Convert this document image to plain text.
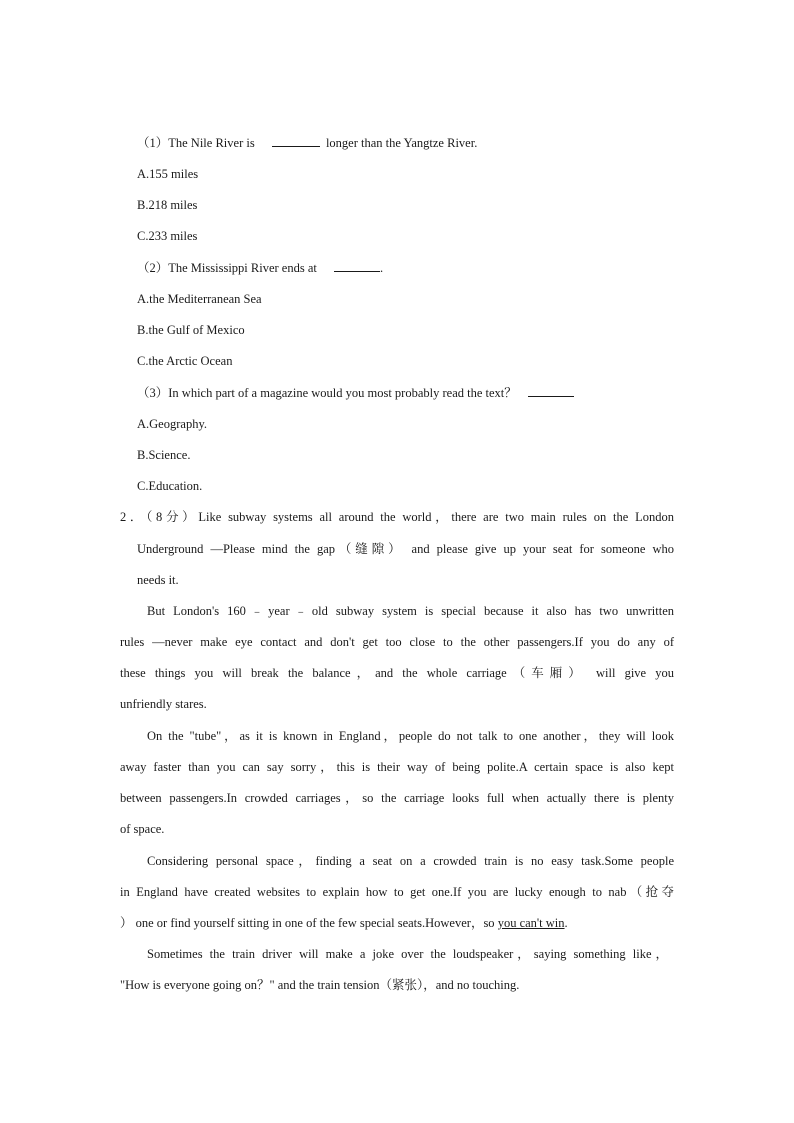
（1）The Nile River is	longer than the Yangtze River.
A.155 miles
B.218 miles
C.233 miles
（2）The Mississippi River ends at	.
A.the Mediterranean Sea
B.the Gulf of Mexico
C.the Arctic Ocean
（3）In which part of a magazine would you most probably read the text？
A.Geography.
B.Science.
C.Education.
2．（8分）Like subway systems all around the world，there are two main rules on the London
Underground —Please mind the gap（缝隙） and please give up your seat for someone who
needs it.
But London's 160﹣year﹣old subway system is special because it also has two unwritten
rules —never make eye contact and don't get too close to the other passengers.If you do any of
these things you will break the balance，and the whole carriage（车厢） will give you
unfriendly stares.
On the "tube"，as it is known in England，people do not talk to one another，they will look
away faster than you can say sorry，this is their way of being polite.A certain space is also kept
between passengers.In crowded carriages，so the carriage looks full when actually there is plenty
of space.
Considering personal space，finding a seat on a crowded train is no easy task.Some people
in England have created websites to explain how to get one.If you are lucky enough to nab（抢夺
） one or find yourself sitting in one of the few special seats.However，so you can't win.
Sometimes the train driver will make a joke over the loudspeaker，saying something like，
"How is everyone going on？" and the train tension（紧张），and no touching.
